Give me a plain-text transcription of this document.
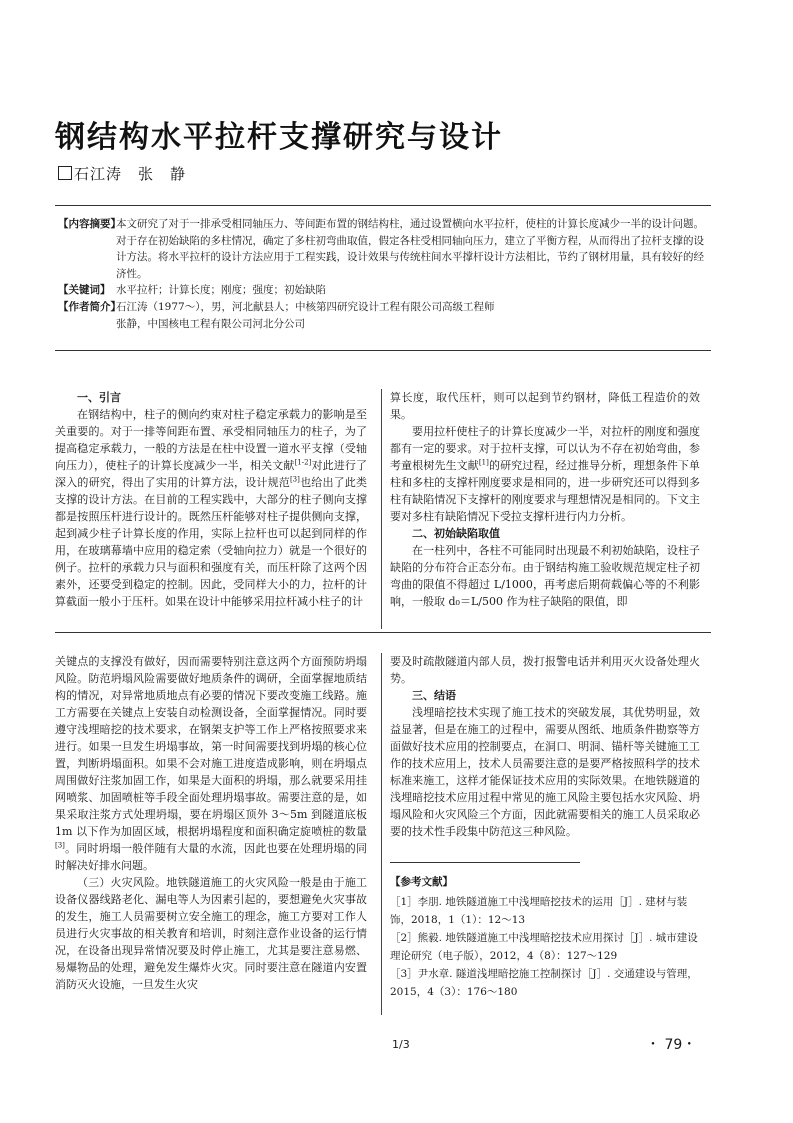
钢结构水平拉杆支撑研究与设计
石江涛　张　静
【内容摘要】
本文研究了对于一排承受相同轴压力、等间距布置的钢结构柱，通过设置横向水平拉杆，使柱的计算长度减少一半的设计问题。对于存在初始缺陷的多柱情况，确定了多柱初弯曲取值，假定各柱受相同轴向压力，建立了平衡方程，从而得出了拉杆支撑的设计方法。将水平拉杆的设计方法应用于工程实践，设计效果与传统柱间水平撑杆设计方法相比，节约了钢材用量，具有较好的经济性。
【关键词】 水平拉杆；计算长度；刚度；强度；初始缺陷
【作者简介】
石江涛（1977～），男，河北献县人；中核第四研究设计工程有限公司高级工程师
张静，中国核电工程有限公司河北分公司

一、引言

在钢结构中，柱子的侧向约束对柱子稳定承载力的影响是至关重要的。对于一排等间距布置、承受相同轴压力的柱子，为了提高稳定承载力，一般的方法是在柱中设置一道水平支撑（受轴向压力），使柱子的计算长度减少一半，相关文献[1-2]对此进行了深入的研究，得出了实用的计算方法，设计规范[3]也给出了此类支撑的设计方法。在目前的工程实践中，大部分的柱子侧向支撑都是按照压杆进行设计的。既然压杆能够对柱子提供侧向支撑，起到减少柱子计算长度的作用，实际上拉杆也可以起到同样的作用，在玻璃幕墙中应用的稳定索（受轴向拉力）就是一个很好的例子。拉杆的承载力只与面积和强度有关，而压杆除了这两个因素外，还要受到稳定的控制。因此，受同样大小的力，拉杆的计算截面一般小于压杆。如果在设计中能够采用拉杆减小柱子的计

算长度，取代压杆，则可以起到节约钢材，降低工程造价的效果。

要用拉杆使柱子的计算长度减少一半，对拉杆的刚度和强度都有一定的要求。对于拉杆支撑，可以认为不存在初始弯曲，参考童根树先生文献[1]的研究过程，经过推导分析，理想条件下单柱和多柱的支撑杆刚度要求是相同的，进一步研究还可以得到多柱有缺陷情况下支撑杆的刚度要求与理想情况是相同的。下文主要对多柱有缺陷情况下受拉支撑杆进行内力分析。

二、初始缺陷取值

在一柱列中，各柱不可能同时出现最不利初始缺陷，设柱子缺陷的分布符合正态分布。由于钢结构施工验收规范规定柱子初弯曲的限值不得超过 L/1000，再考虑后期荷载偏心等的不利影响，一般取 d₀＝L/500 作为柱子缺陷的限值，即

关键点的支撑没有做好，因而需要特别注意这两个方面预防坍塌风险。防范坍塌风险需要做好地质条件的调研，全面掌握地质结构的情况，对异常地质地点有必要的情况下要改变施工线路。施工方需要在关键点上安装自动检测设备，全面掌握情况。同时要遵守浅埋暗挖的技术要求，在钢架支护等工作上严格按照要求来进行。如果一旦发生坍塌事故，第一时间需要找到坍塌的核心位置，判断坍塌面积。如果不会对施工进度造成影响，则在坍塌点周围做好注浆加固工作，如果是大面积的坍塌，那么就要采用挂网喷浆、加固喷桩等手段全面处理坍塌事故。需要注意的是，如果采取注浆方式处理坍塌，要在坍塌区顶外 3～5m 到隧道底板 1m 以下作为加固区域，根据坍塌程度和面积确定旋喷桩的数量[3]。同时坍塌一般伴随有大量的水流，因此也要在处理坍塌的同时解决好排水问题。

（三）火灾风险。地铁隧道施工的火灾风险一般是由于施工设备仪器线路老化、漏电等人为因素引起的，要想避免火灾事故的发生，施工人员需要树立安全施工的理念，施工方要对工作人员进行火灾事故的相关教育和培训，时刻注意作业设备的运行情况，在设备出现异常情况要及时停止施工，尤其是要注意易燃、易爆物品的处理，避免发生爆炸火灾。同时要注意在隧道内安置消防灭火设施，一旦发生火灾

要及时疏散隧道内部人员，拨打报警电话并利用灭火设备处理火势。

三、结语

浅埋暗挖技术实现了施工技术的突破发展，其优势明显，效益显著，但是在施工的过程中，需要从图纸、地质条件勘察等方面做好技术应用的控制要点，在洞口、明洞、锚杆等关键施工工作的技术应用上，技术人员需要注意的是要严格按照科学的技术标准来施工，这样才能保证技术应用的实际效果。在地铁隧道的浅埋暗挖技术应用过程中常见的施工风险主要包括水灾风险、坍塌风险和火灾风险三个方面，因此就需要相关的施工人员采取必要的技术性手段集中防范这三种风险。

【参考文献】

［1］李朋. 地铁隧道施工中浅埋暗挖技术的运用［J］. 建材与装饰，2018，1（1）：12～13

［2］熊毅. 地铁隧道施工中浅埋暗挖技术应用探讨［J］. 城市建设理论研究（电子版），2012，4（8）：127～129

［3］尹水章. 隧道浅埋暗挖施工控制探讨［J］. 交通建设与管理，2015，4（3）：176～180

1/3	・ 79・
